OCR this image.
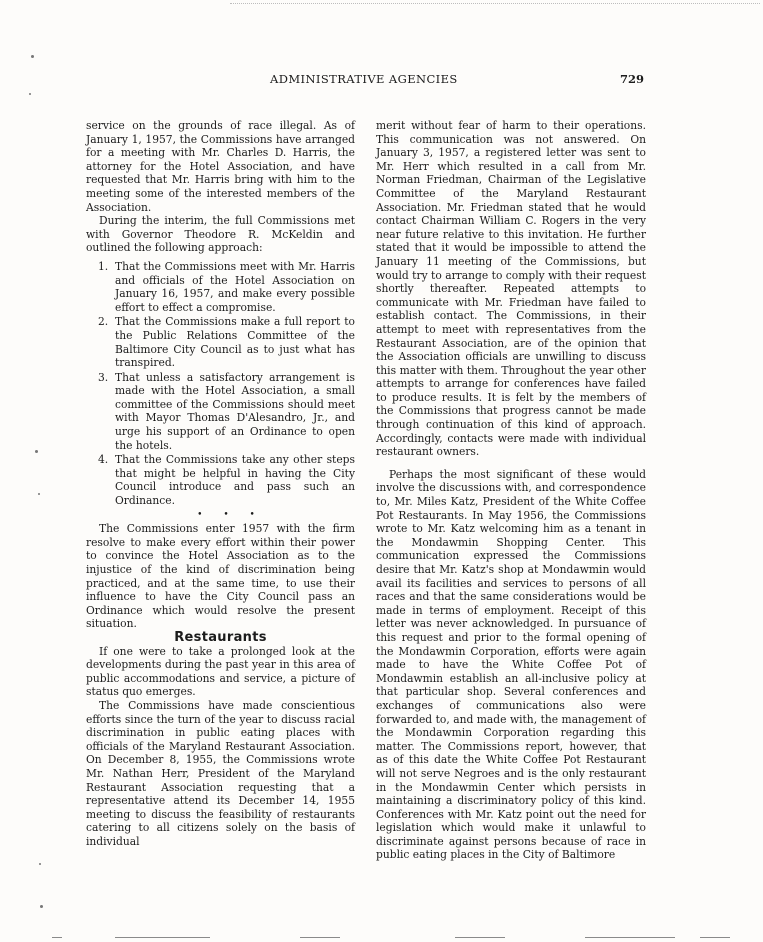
ADMINISTRATIVE AGENCIES	729

service on the grounds of race illegal. As of January 1, 1957, the Commissions have arranged for a meeting with Mr. Charles D. Harris, the attorney for the Hotel Association, and have requested that Mr. Harris bring with him to the meeting some of the interested members of the Association.

During the interim, the full Commissions met with Governor Theodore R. McKeldin and outlined the following approach:

1. That the Commissions meet with Mr. Harris and officials of the Hotel Association on January 16, 1957, and make every possible effort to effect a compromise.
2. That the Commissions make a full report to the Public Relations Committee of the Baltimore City Council as to just what has transpired.
3. That unless a satisfactory arrangement is made with the Hotel Association, a small committee of the Commissions should meet with Mayor Thomas D'Alesandro, Jr., and urge his support of an Ordinance to open the hotels.
4. That the Commissions take any other steps that might be helpful in having the City Council introduce and pass such an Ordinance.

• • •

The Commissions enter 1957 with the firm resolve to make every effort within their power to convince the Hotel Association as to the injustice of the kind of discrimination being practiced, and at the same time, to use their influence to have the City Council pass an Ordinance which would resolve the present situation.

Restaurants

If one were to take a prolonged look at the developments during the past year in this area of public accommodations and service, a picture of status quo emerges.

The Commissions have made conscientious efforts since the turn of the year to discuss racial discrimination in public eating places with officials of the Maryland Restaurant Association. On December 8, 1955, the Commissions wrote Mr. Nathan Herr, President of the Maryland Restaurant Association requesting that a representative attend its December 14, 1955 meeting to discuss the feasibility of restaurants catering to all citizens solely on the basis of individual

merit without fear of harm to their operations. This communication was not answered. On January 3, 1957, a registered letter was sent to Mr. Herr which resulted in a call from Mr. Norman Friedman, Chairman of the Legislative Committee of the Maryland Restaurant Association. Mr. Friedman stated that he would contact Chairman William C. Rogers in the very near future relative to this invitation. He further stated that it would be impossible to attend the January 11 meeting of the Commissions, but would try to arrange to comply with their request shortly thereafter. Repeated attempts to communicate with Mr. Friedman have failed to establish contact. The Commissions, in their attempt to meet with representatives from the Restaurant Association, are of the opinion that the Association officials are unwilling to discuss this matter with them. Throughout the year other attempts to arrange for conferences have failed to produce results. It is felt by the members of the Commissions that progress cannot be made through continuation of this kind of approach. Accordingly, contacts were made with individual restaurant owners.

Perhaps the most significant of these would involve the discussions with, and correspondence to, Mr. Miles Katz, President of the White Coffee Pot Restaurants. In May 1956, the Commissions wrote to Mr. Katz welcoming him as a tenant in the Mondawmin Shopping Center. This communication expressed the Commissions desire that Mr. Katz's shop at Mondawmin would avail its facilities and services to persons of all races and that the same considerations would be made in terms of employment. Receipt of this letter was never acknowledged. In pursuance of this request and prior to the formal opening of the Mondawmin Corporation, efforts were again made to have the White Coffee Pot of Mondawmin establish an all-inclusive policy at that particular shop. Several conferences and exchanges of communications also were forwarded to, and made with, the management of the Mondawmin Corporation regarding this matter. The Commissions report, however, that as of this date the White Coffee Pot Restaurant will not serve Negroes and is the only restaurant in the Mondawmin Center which persists in maintaining a discriminatory policy of this kind. Conferences with Mr. Katz point out the need for legislation which would make it unlawful to discriminate against persons because of race in public eating places in the City of Baltimore
